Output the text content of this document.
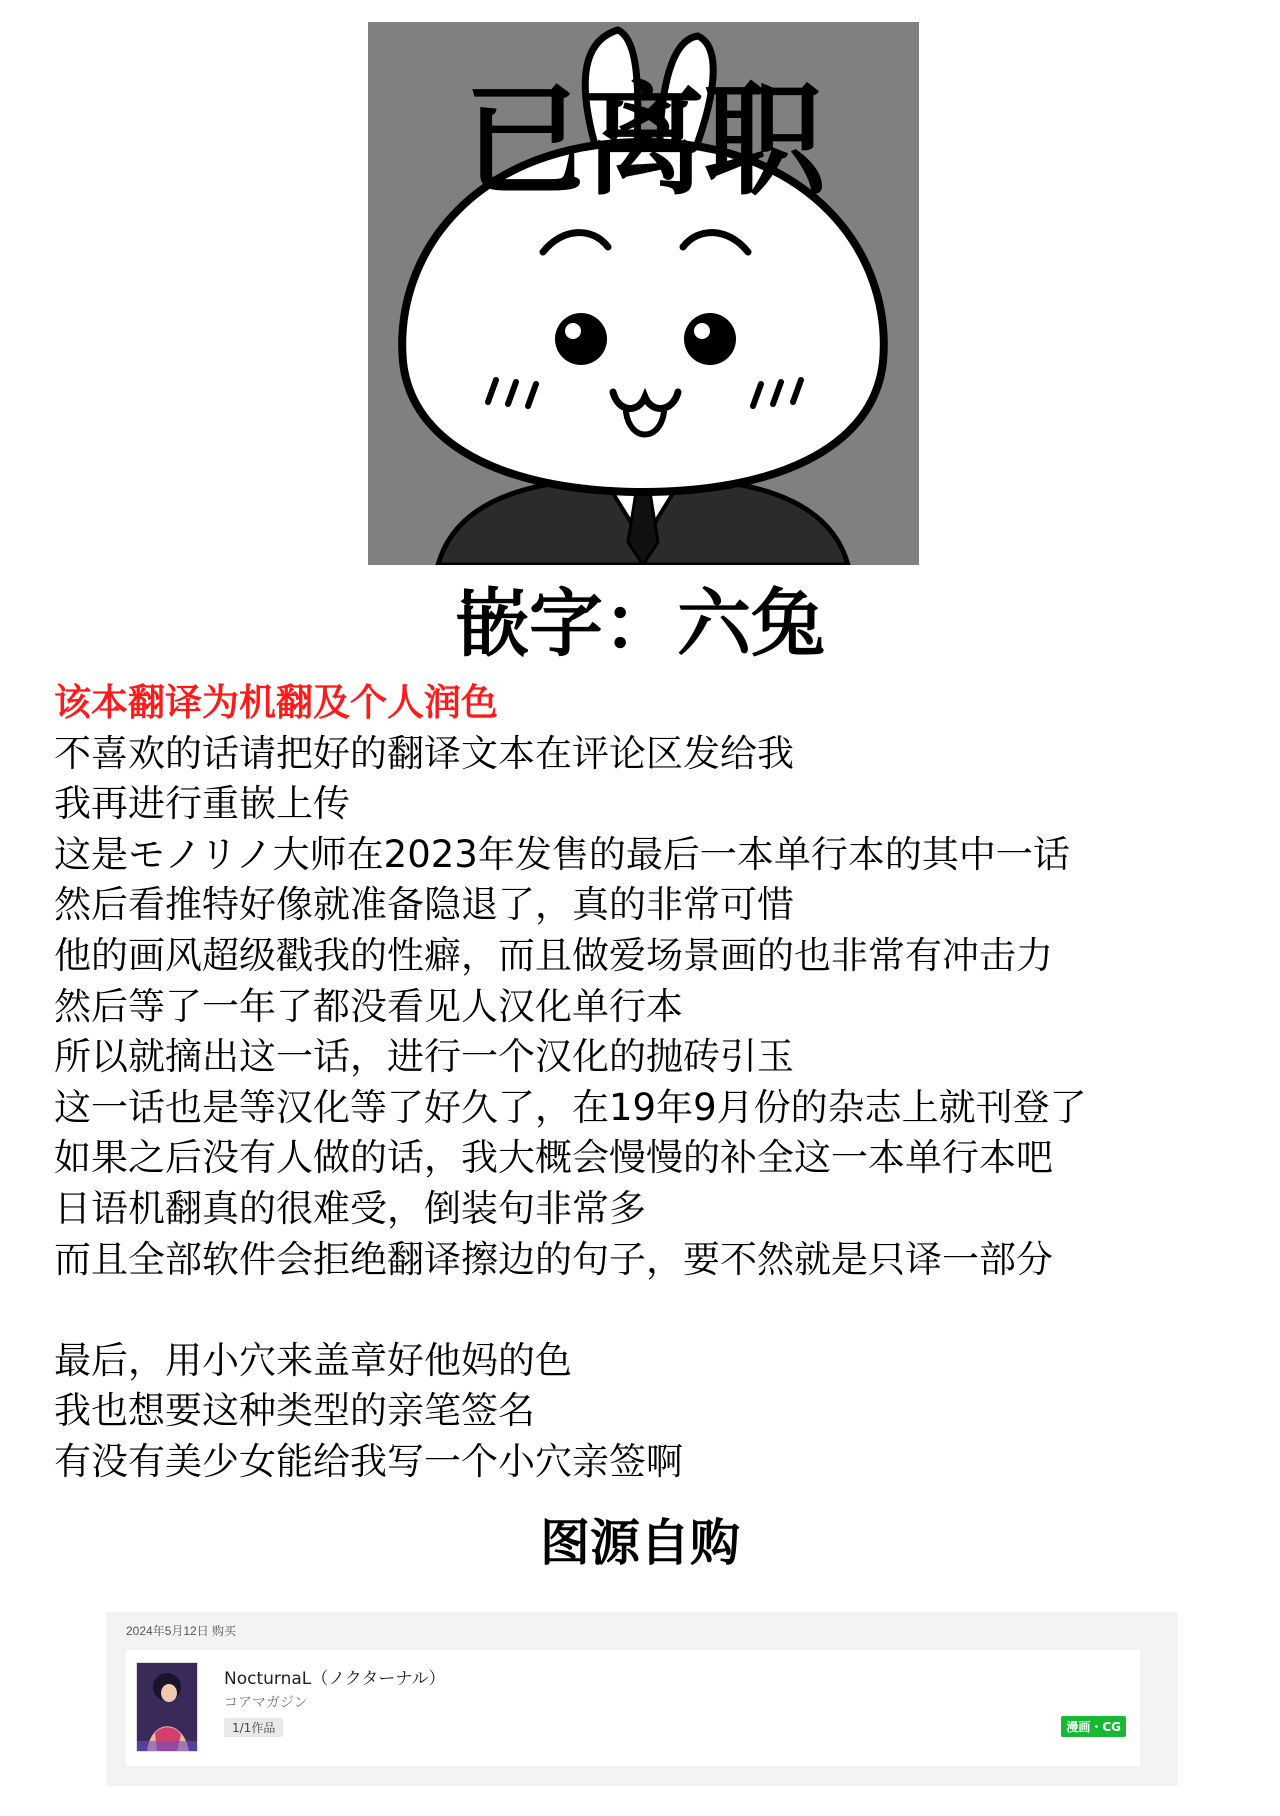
已离职
嵌字：六兔

该本翻译为机翻及个人润色

不喜欢的话请把好的翻译文本在评论区发给我

我再进行重嵌上传

这是モノリノ大师在2023年发售的最后一本单行本的其中一话

然后看推特好像就准备隐退了，真的非常可惜

他的画风超级戳我的性癖，而且做爱场景画的也非常有冲击力

然后等了一年了都没看见人汉化单行本

所以就摘出这一话，进行一个汉化的抛砖引玉

这一话也是等汉化等了好久了，在19年9月份的杂志上就刊登了

如果之后没有人做的话，我大概会慢慢的补全这一本单行本吧

日语机翻真的很难受，倒装句非常多

而且全部软件会拒绝翻译擦边的句子，要不然就是只译一部分

最后，用小穴来盖章好他妈的色

我也想要这种类型的亲笔签名

有没有美少女能给我写一个小穴亲签啊

图源自购
2024年5月12日 购买
NocturnaL（ノクターナル）
コアマガジン
1/1作品	漫画・CG
